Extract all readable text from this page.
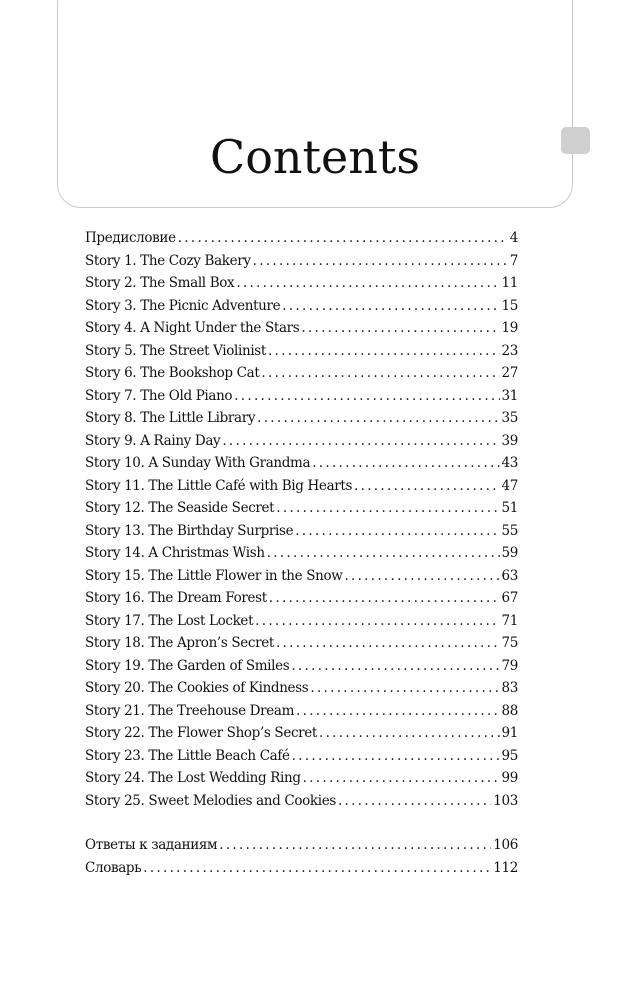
Contents
Предисловие . . .	4
Story 1. The Cozy Bakery . . .	7
Story 2. The Small Box . . .	11
Story 3. The Picnic Adventure . . .	15
Story 4. A Night Under the Stars . . .	19
Story 5. The Street Violinist . . .	23
Story 6. The Bookshop Cat . . .	27
Story 7. The Old Piano . . .	31
Story 8. The Little Library . . .	35
Story 9. A Rainy Day . . .	39
Story 10. A Sunday With Grandma . . .	43
Story 11. The Little Café with Big Hearts . . .	47
Story 12. The Seaside Secret . . .	51
Story 13. The Birthday Surprise . . .	55
Story 14. A Christmas Wish . . .	59
Story 15. The Little Flower in the Snow . . .	63
Story 16. The Dream Forest . . .	67
Story 17. The Lost Locket . . .	71
Story 18. The Apron’s Secret . . .	75
Story 19. The Garden of Smiles . . .	79
Story 20. The Cookies of Kindness . . .	83
Story 21. The Treehouse Dream . . .	88
Story 22. The Flower Shop’s Secret . . .	91
Story 23. The Little Beach Café . . .	95
Story 24. The Lost Wedding Ring . . .	99
Story 25. Sweet Melodies and Cookies . . .	103
Ответы к заданиям . . .	106
Словарь . . .	112
